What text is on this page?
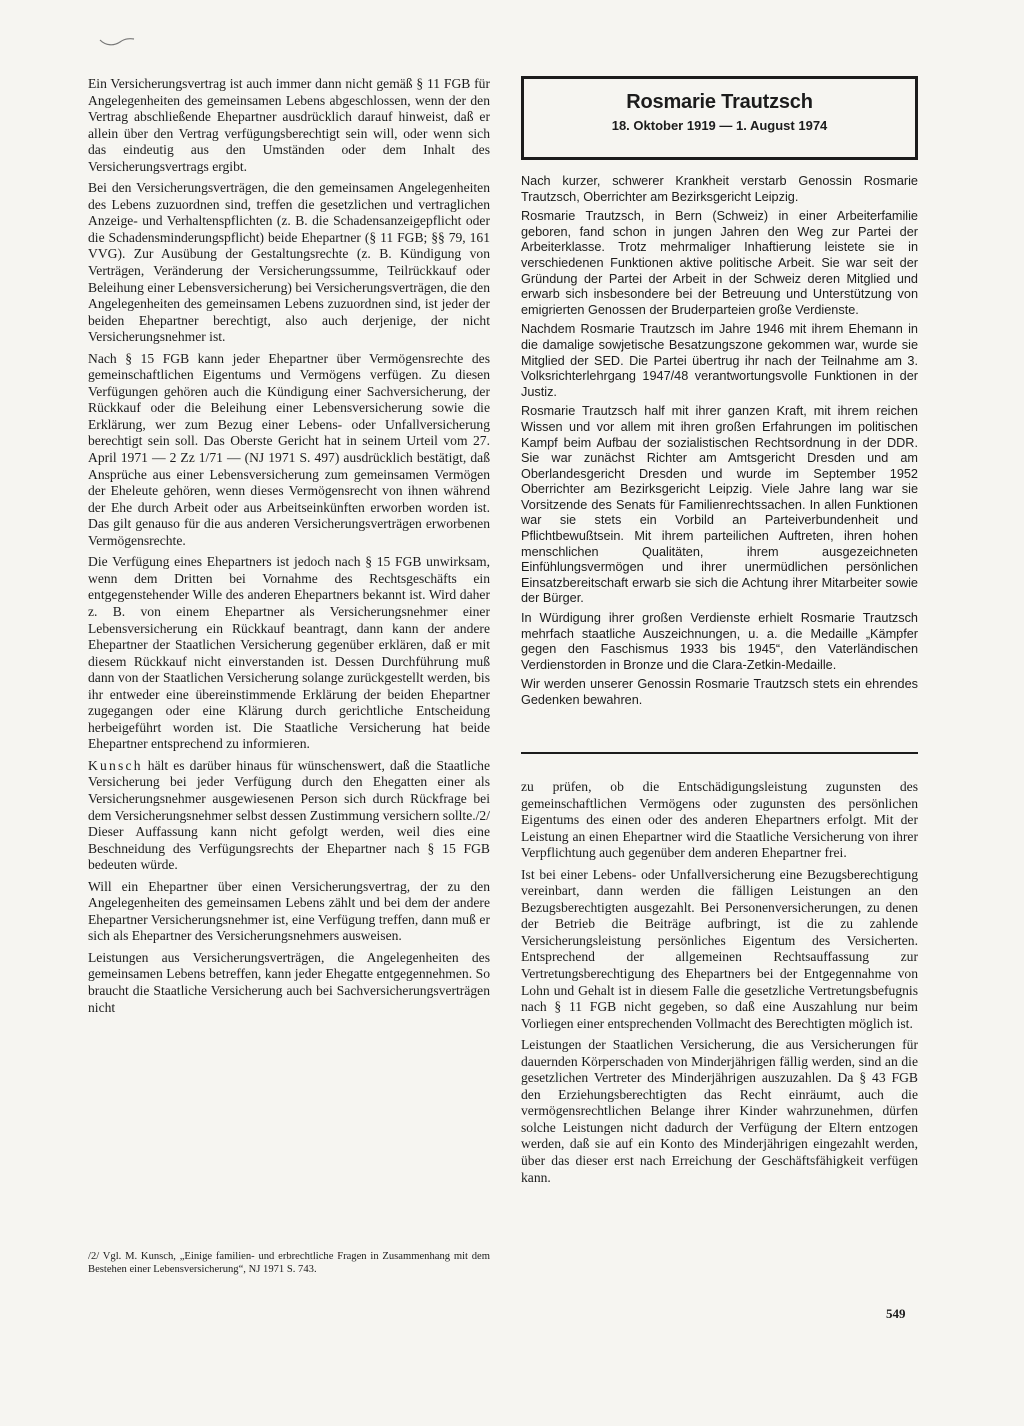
Ein Versicherungsvertrag ist auch immer dann nicht gemäß § 11 FGB für Angelegenheiten des gemeinsamen Lebens abgeschlossen, wenn der den Vertrag abschließende Ehepartner ausdrücklich darauf hinweist, daß er allein über den Vertrag verfügungsberechtigt sein will, oder wenn sich das eindeutig aus den Umständen oder dem Inhalt des Versicherungsvertrags ergibt.

Bei den Versicherungsverträgen, die den gemeinsamen Angelegenheiten des Lebens zuzuordnen sind, treffen die gesetzlichen und vertraglichen Anzeige- und Verhaltenspflichten (z. B. die Schadensanzeigepflicht oder die Schadensminderungspflicht) beide Ehepartner (§ 11 FGB; §§ 79, 161 VVG). Zur Ausübung der Gestaltungsrechte (z. B. Kündigung von Verträgen, Veränderung der Versicherungssumme, Teilrückkauf oder Beleihung einer Lebensversicherung) bei Versicherungsverträgen, die den Angelegenheiten des gemeinsamen Lebens zuzuordnen sind, ist jeder der beiden Ehepartner berechtigt, also auch derjenige, der nicht Versicherungsnehmer ist.

Nach § 15 FGB kann jeder Ehepartner über Vermögensrechte des gemeinschaftlichen Eigentums und Vermögens verfügen. Zu diesen Verfügungen gehören auch die Kündigung einer Sachversicherung, der Rückkauf oder die Beleihung einer Lebensversicherung sowie die Erklärung, wer zum Bezug einer Lebens- oder Unfallversicherung berechtigt sein soll. Das Oberste Gericht hat in seinem Urteil vom 27. April 1971 — 2 Zz 1/71 — (NJ 1971 S. 497) ausdrücklich bestätigt, daß Ansprüche aus einer Lebensversicherung zum gemeinsamen Vermögen der Eheleute gehören, wenn dieses Vermögensrecht von ihnen während der Ehe durch Arbeit oder aus Arbeitseinkünften erworben worden ist. Das gilt genauso für die aus anderen Versicherungsverträgen erworbenen Vermögensrechte.

Die Verfügung eines Ehepartners ist jedoch nach § 15 FGB unwirksam, wenn dem Dritten bei Vornahme des Rechtsgeschäfts ein entgegenstehender Wille des anderen Ehepartners bekannt ist. Wird daher z. B. von einem Ehepartner als Versicherungsnehmer einer Lebensversicherung ein Rückkauf beantragt, dann kann der andere Ehepartner der Staatlichen Versicherung gegenüber erklären, daß er mit diesem Rückkauf nicht einverstanden ist. Dessen Durchführung muß dann von der Staatlichen Versicherung solange zurückgestellt werden, bis ihr entweder eine übereinstimmende Erklärung der beiden Ehepartner zugegangen oder eine Klärung durch gerichtliche Entscheidung herbeigeführt worden ist. Die Staatliche Versicherung hat beide Ehepartner entsprechend zu informieren.

Kunsch hält es darüber hinaus für wünschenswert, daß die Staatliche Versicherung bei jeder Verfügung durch den Ehegatten einer als Versicherungsnehmer ausgewiesenen Person sich durch Rückfrage bei dem Versicherungsnehmer selbst dessen Zustimmung versichern sollte./2/ Dieser Auffassung kann nicht gefolgt werden, weil dies eine Beschneidung des Verfügungsrechts der Ehepartner nach § 15 FGB bedeuten würde.

Will ein Ehepartner über einen Versicherungsvertrag, der zu den Angelegenheiten des gemeinsamen Lebens zählt und bei dem der andere Ehepartner Versicherungsnehmer ist, eine Verfügung treffen, dann muß er sich als Ehepartner des Versicherungsnehmers ausweisen.

Leistungen aus Versicherungsverträgen, die Angelegenheiten des gemeinsamen Lebens betreffen, kann jeder Ehegatte entgegennehmen. So braucht die Staatliche Versicherung auch bei Sachversicherungsverträgen nicht

/2/ Vgl. M. Kunsch, „Einige familien- und erbrechtliche Fragen in Zusammenhang mit dem Bestehen einer Lebensversicherung“, NJ 1971 S. 743.
Rosmarie Trautzsch
18. Oktober 1919 — 1. August 1974

Nach kurzer, schwerer Krankheit verstarb Genossin Rosmarie Trautzsch, Oberrichter am Bezirksgericht Leipzig.

Rosmarie Trautzsch, in Bern (Schweiz) in einer Arbeiterfamilie geboren, fand schon in jungen Jahren den Weg zur Partei der Arbeiterklasse. Trotz mehrmaliger Inhaftierung leistete sie in verschiedenen Funktionen aktive politische Arbeit. Sie war seit der Gründung der Partei der Arbeit in der Schweiz deren Mitglied und erwarb sich insbesondere bei der Betreuung und Unterstützung von emigrierten Genossen der Bruderparteien große Verdienste.

Nachdem Rosmarie Trautzsch im Jahre 1946 mit ihrem Ehemann in die damalige sowjetische Besatzungszone gekommen war, wurde sie Mitglied der SED. Die Partei übertrug ihr nach der Teilnahme am 3. Volksrichterlehrgang 1947/48 verantwortungsvolle Funktionen in der Justiz.

Rosmarie Trautzsch half mit ihrer ganzen Kraft, mit ihrem reichen Wissen und vor allem mit ihren großen Erfahrungen im politischen Kampf beim Aufbau der sozialistischen Rechtsordnung in der DDR. Sie war zunächst Richter am Amtsgericht Dresden und am Oberlandesgericht Dresden und wurde im September 1952 Oberrichter am Bezirksgericht Leipzig. Viele Jahre lang war sie Vorsitzende des Senats für Familienrechtssachen. In allen Funktionen war sie stets ein Vorbild an Parteiverbundenheit und Pflichtbewußtsein. Mit ihrem parteilichen Auftreten, ihren hohen menschlichen Qualitäten, ihrem ausgezeichneten Einfühlungsvermögen und ihrer unermüdlichen persönlichen Einsatzbereitschaft erwarb sie sich die Achtung ihrer Mitarbeiter sowie der Bürger.

In Würdigung ihrer großen Verdienste erhielt Rosmarie Trautzsch mehrfach staatliche Auszeichnungen, u. a. die Medaille „Kämpfer gegen den Faschismus 1933 bis 1945“, den Vaterländischen Verdienstorden in Bronze und die Clara-Zetkin-Medaille.

Wir werden unserer Genossin Rosmarie Trautzsch stets ein ehrendes Gedenken bewahren.

zu prüfen, ob die Entschädigungsleistung zugunsten des gemeinschaftlichen Vermögens oder zugunsten des persönlichen Eigentums des einen oder des anderen Ehepartners erfolgt. Mit der Leistung an einen Ehepartner wird die Staatliche Versicherung von ihrer Verpflichtung auch gegenüber dem anderen Ehepartner frei.

Ist bei einer Lebens- oder Unfallversicherung eine Bezugsberechtigung vereinbart, dann werden die fälligen Leistungen an den Bezugsberechtigten ausgezahlt. Bei Personenversicherungen, zu denen der Betrieb die Beiträge aufbringt, ist die zu zahlende Versicherungsleistung persönliches Eigentum des Versicherten. Entsprechend der allgemeinen Rechtsauffassung zur Vertretungsberechtigung des Ehepartners bei der Entgegennahme von Lohn und Gehalt ist in diesem Falle die gesetzliche Vertretungsbefugnis nach § 11 FGB nicht gegeben, so daß eine Auszahlung nur beim Vorliegen einer entsprechenden Vollmacht des Berechtigten möglich ist.

Leistungen der Staatlichen Versicherung, die aus Versicherungen für dauernden Körperschaden von Minderjährigen fällig werden, sind an die gesetzlichen Vertreter des Minderjährigen auszuzahlen. Da § 43 FGB den Erziehungsberechtigten das Recht einräumt, auch die vermögensrechtlichen Belange ihrer Kinder wahrzunehmen, dürfen solche Leistungen nicht dadurch der Verfügung der Eltern entzogen werden, daß sie auf ein Konto des Minderjährigen eingezahlt werden, über das dieser erst nach Erreichung der Geschäftsfähigkeit verfügen kann.

549
